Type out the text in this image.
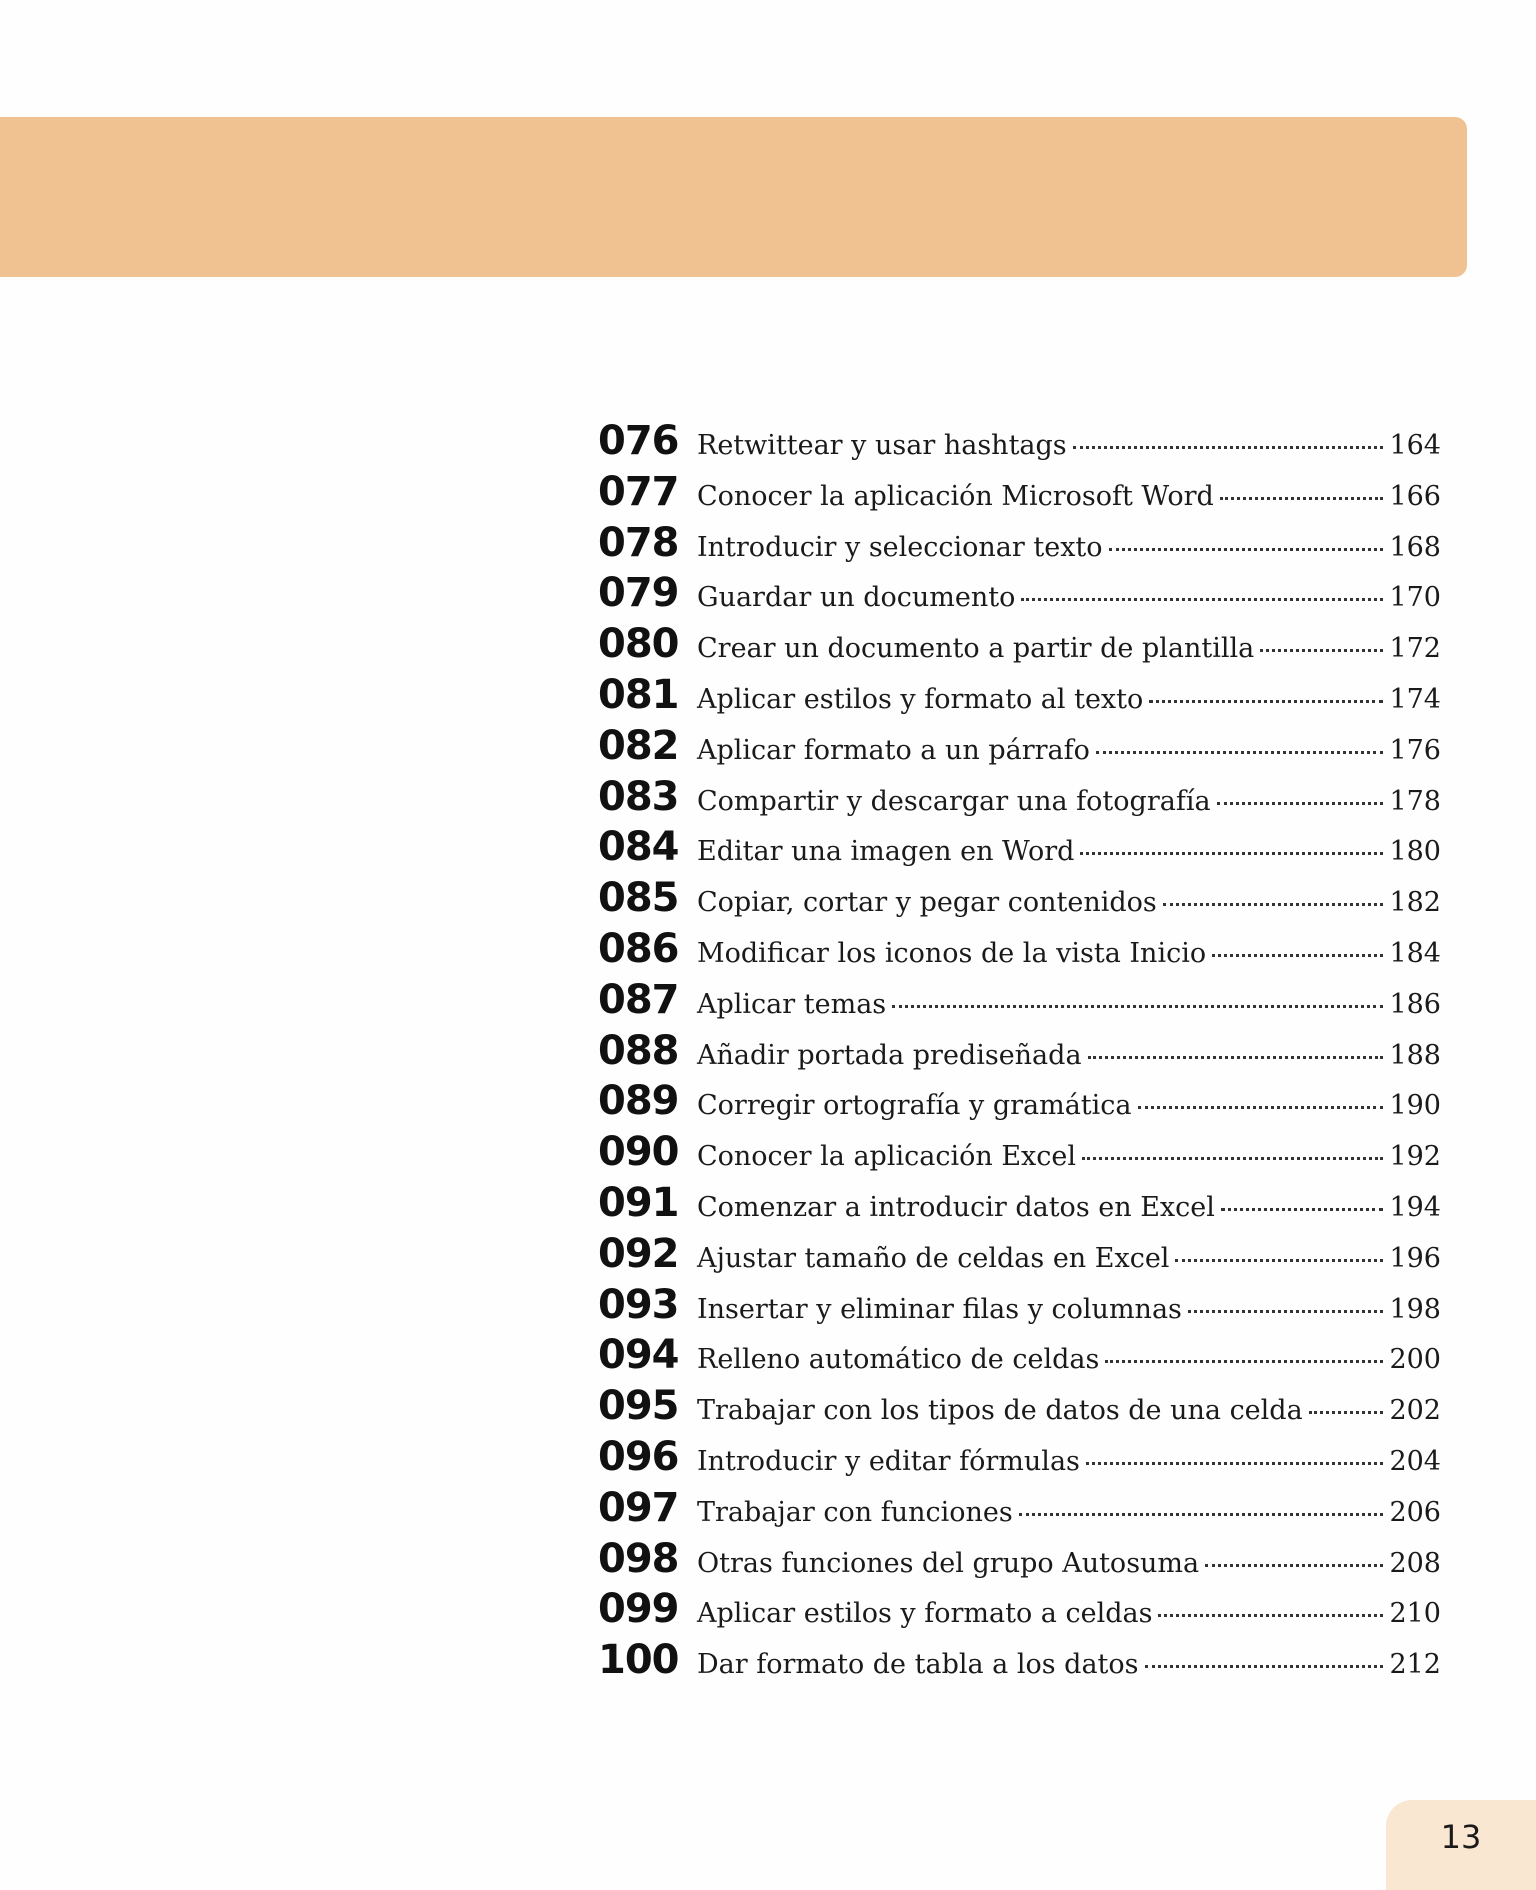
076 Retwittear y usar hashtags	164
077 Conocer la aplicación Microsoft Word	166
078 Introducir y seleccionar texto	168
079 Guardar un documento	170
080 Crear un documento a partir de plantilla	172
081 Aplicar estilos y formato al texto	174
082 Aplicar formato a un párrafo	176
083 Compartir y descargar una fotografía	178
084 Editar una imagen en Word	180
085 Copiar, cortar y pegar contenidos	182
086 Modificar los iconos de la vista Inicio	184
087 Aplicar temas	186
088 Añadir portada prediseñada	188
089 Corregir ortografía y gramática	190
090 Conocer la aplicación Excel	192
091 Comenzar a introducir datos en Excel	194
092 Ajustar tamaño de celdas en Excel	196
093 Insertar y eliminar filas y columnas	198
094 Relleno automático de celdas	200
095 Trabajar con los tipos de datos de una celda	202
096 Introducir y editar fórmulas	204
097 Trabajar con funciones	206
098 Otras funciones del grupo Autosuma	208
099 Aplicar estilos y formato a celdas	210
100 Dar formato de tabla a los datos	212
13
